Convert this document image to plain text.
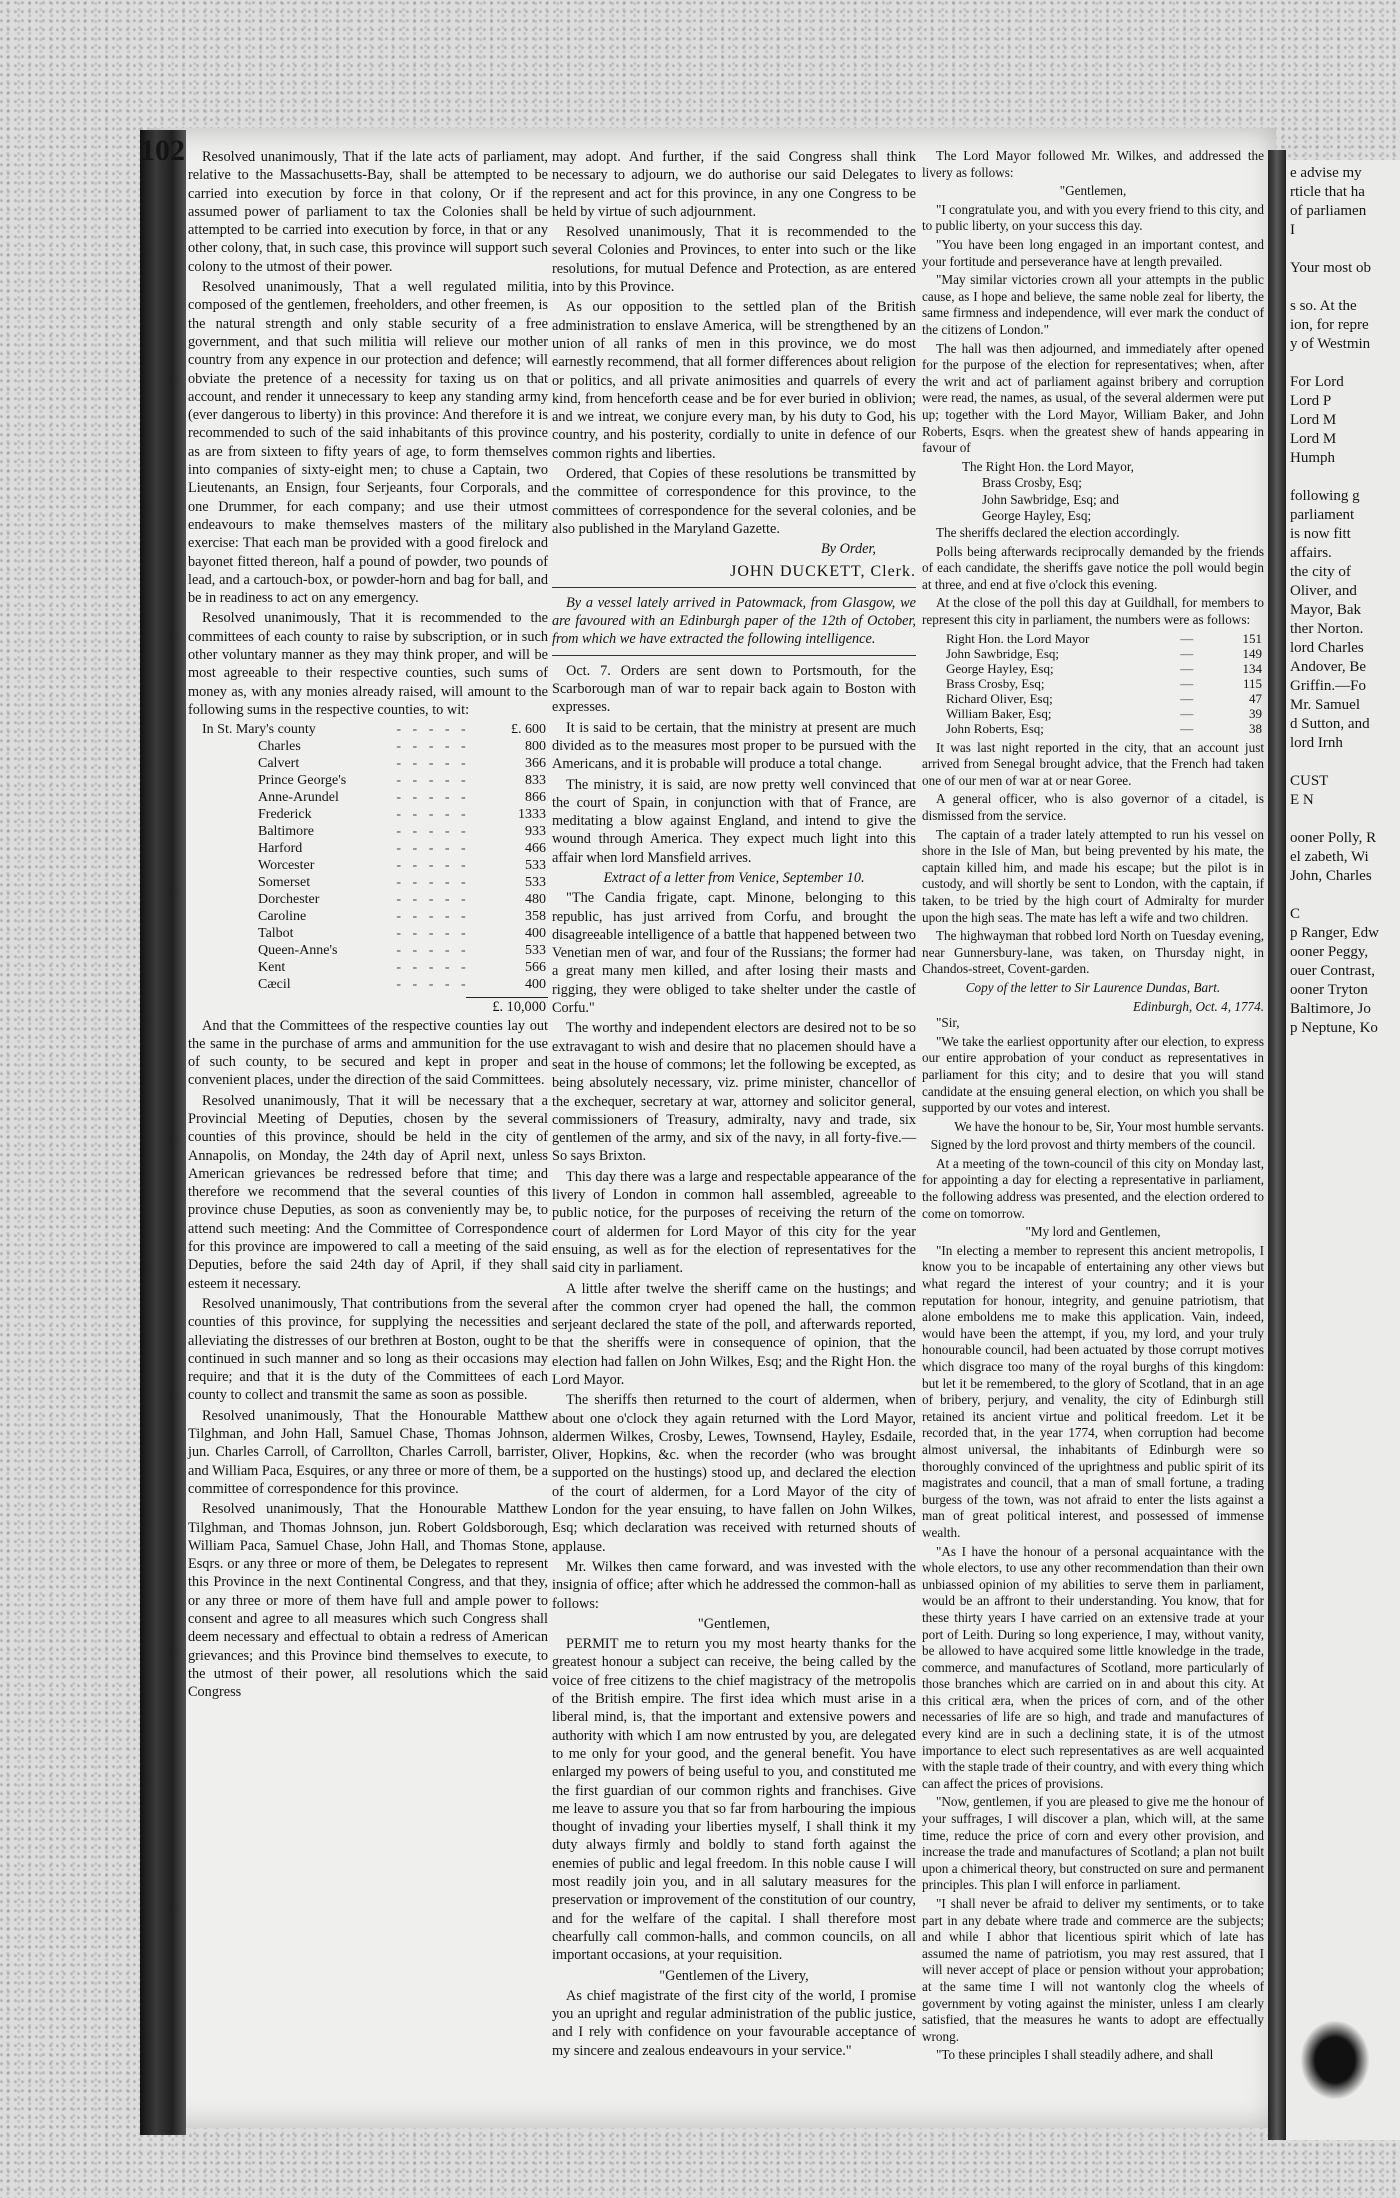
102	Resolved unanimously, That if the late acts of parliament, relative to the Massachusetts-Bay, shall be attempted to be carried into execution by force in that colony, Or if the assumed power of parliament to tax the Colonies shall be attempted to be carried into execution by force, in that or any other colony, that, in such case, this province will support such colony to the utmost of their power.

Resolved unanimously, That a well regulated militia, composed of the gentlemen, freeholders, and other freemen, is the natural strength and only stable security of a free government, and that such militia will relieve our mother country from any expence in our protection and defence; will obviate the pretence of a necessity for taxing us on that account, and render it unnecessary to keep any standing army (ever dangerous to liberty) in this province: And therefore it is recommended to such of the said inhabitants of this province as are from sixteen to fifty years of age, to form themselves into companies of sixty-eight men; to chuse a Captain, two Lieutenants, an Ensign, four Serjeants, four Corporals, and one Drummer, for each company; and use their utmost endeavours to make themselves masters of the military exercise: That each man be provided with a good firelock and bayonet fitted thereon, half a pound of powder, two pounds of lead, and a cartouch-box, or powder-horn and bag for ball, and be in readiness to act on any emergency.

Resolved unanimously, That it is recommended to the committees of each county to raise by subscription, or in such other voluntary manner as they may think proper, and will be most agreeable to their respective counties, such sums of money as, with any monies already raised, will amount to the following sums in the respective counties, to wit:

In St. Mary's county	- - - - -	£. 600
Charles	- - - - -	800
Calvert	- - - - -	366
Prince George's	- - - - -	833
Anne-Arundel	- - - - -	866
Frederick	- - - - -	1333
Baltimore	- - - - -	933
Harford	- - - - -	466
Worcester	- - - - -	533
Somerset	- - - - -	533
Dorchester	- - - - -	480
Caroline	- - - - -	358
Talbot	- - - - -	400
Queen-Anne's	- - - - -	533
Kent	- - - - -	566
Cæcil	- - - - -	400
£. 10,000

And that the Committees of the respective counties lay out the same in the purchase of arms and ammunition for the use of such county, to be secured and kept in proper and convenient places, under the direction of the said Committees.

Resolved unanimously, That it will be necessary that a Provincial Meeting of Deputies, chosen by the several counties of this province, should be held in the city of Annapolis, on Monday, the 24th day of April next, unless American grievances be redressed before that time; and therefore we recommend that the several counties of this province chuse Deputies, as soon as conveniently may be, to attend such meeting: And the Committee of Correspondence for this province are impowered to call a meeting of the said Deputies, before the said 24th day of April, if they shall esteem it necessary.

Resolved unanimously, That contributions from the several counties of this province, for supplying the necessities and alleviating the distresses of our brethren at Boston, ought to be continued in such manner and so long as their occasions may require; and that it is the duty of the Committees of each county to collect and transmit the same as soon as possible.

Resolved unanimously, That the Honourable Matthew Tilghman, and John Hall, Samuel Chase, Thomas Johnson, jun. Charles Carroll, of Carrollton, Charles Carroll, barrister, and William Paca, Esquires, or any three or more of them, be a committee of correspondence for this province.

Resolved unanimously, That the Honourable Matthew Tilghman, and Thomas Johnson, jun. Robert Goldsborough, William Paca, Samuel Chase, John Hall, and Thomas Stone, Esqrs. or any three or more of them, be Delegates to represent this Province in the next Continental Congress, and that they, or any three or more of them have full and ample power to consent and agree to all measures which such Congress shall deem necessary and effectual to obtain a redress of American grievances; and this Province bind themselves to execute, to the utmost of their power, all resolutions which the said Congress

may adopt. And further, if the said Congress shall think necessary to adjourn, we do authorise our said Delegates to represent and act for this province, in any one Congress to be held by virtue of such adjournment.

Resolved unanimously, That it is recommended to the several Colonies and Provinces, to enter into such or the like resolutions, for mutual Defence and Protection, as are entered into by this Province.

As our opposition to the settled plan of the British administration to enslave America, will be strengthened by an union of all ranks of men in this province, we do most earnestly recommend, that all former differences about religion or politics, and all private animosities and quarrels of every kind, from henceforth cease and be for ever buried in oblivion; and we intreat, we conjure every man, by his duty to God, his country, and his posterity, cordially to unite in defence of our common rights and liberties.

Ordered, that Copies of these resolutions be transmitted by the committee of correspondence for this province, to the committees of correspondence for the several colonies, and be also published in the Maryland Gazette.

By Order,
JOHN DUCKETT, Clerk.

By a vessel lately arrived in Patowmack, from Glasgow, we are favoured with an Edinburgh paper of the 12th of October, from which we have extracted the following intelligence.

Oct. 7. Orders are sent down to Portsmouth, for the Scarborough man of war to repair back again to Boston with expresses.

It is said to be certain, that the ministry at present are much divided as to the measures most proper to be pursued with the Americans, and it is probable will produce a total change.

The ministry, it is said, are now pretty well convinced that the court of Spain, in conjunction with that of France, are meditating a blow against England, and intend to give the wound through America. They expect much light into this affair when lord Mansfield arrives.

Extract of a letter from Venice, September 10.

"The Candia frigate, capt. Minone, belonging to this republic, has just arrived from Corfu, and brought the disagreeable intelligence of a battle that happened between two Venetian men of war, and four of the Russians; the former had a great many men killed, and after losing their masts and rigging, they were obliged to take shelter under the castle of Corfu."

The worthy and independent electors are desired not to be so extravagant to wish and desire that no placemen should have a seat in the house of commons; let the following be excepted, as being absolutely necessary, viz. prime minister, chancellor of the exchequer, secretary at war, attorney and solicitor general, commissioners of Treasury, admiralty, navy and trade, six gentlemen of the army, and six of the navy, in all forty-five.—So says Brixton.

This day there was a large and respectable appearance of the livery of London in common hall assembled, agreeable to public notice, for the purposes of receiving the return of the court of aldermen for Lord Mayor of this city for the year ensuing, as well as for the election of representatives for the said city in parliament.

A little after twelve the sheriff came on the hustings; and after the common cryer had opened the hall, the common serjeant declared the state of the poll, and afterwards reported, that the sheriffs were in consequence of opinion, that the election had fallen on John Wilkes, Esq; and the Right Hon. the Lord Mayor.

The sheriffs then returned to the court of aldermen, when about one o'clock they again returned with the Lord Mayor, aldermen Wilkes, Crosby, Lewes, Townsend, Hayley, Esdaile, Oliver, Hopkins, &c. when the recorder (who was brought supported on the hustings) stood up, and declared the election of the court of aldermen, for a Lord Mayor of the city of London for the year ensuing, to have fallen on John Wilkes, Esq; which declaration was received with returned shouts of applause.

Mr. Wilkes then came forward, and was invested with the insignia of office; after which he addressed the common-hall as follows:

"Gentlemen,

PERMIT me to return you my most hearty thanks for the greatest honour a subject can receive, the being called by the voice of free citizens to the chief magistracy of the metropolis of the British empire. The first idea which must arise in a liberal mind, is, that the important and extensive powers and authority with which I am now entrusted by you, are delegated to me only for your good, and the general benefit. You have enlarged my powers of being useful to you, and constituted me the first guardian of our common rights and franchises. Give me leave to assure you that so far from harbouring the impious thought of invading your liberties myself, I shall think it my duty always firmly and boldly to stand forth against the enemies of public and legal freedom. In this noble cause I will most readily join you, and in all salutary measures for the preservation or improvement of the constitution of our country, and for the welfare of the capital. I shall therefore most chearfully call common-halls, and common councils, on all important occasions, at your requisition.

"Gentlemen of the Livery,

As chief magistrate of the first city of the world, I promise you an upright and regular administration of the public justice, and I rely with confidence on your favourable acceptance of my sincere and zealous endeavours in your service."

The Lord Mayor followed Mr. Wilkes, and addressed the livery as follows:

"Gentlemen,

"I congratulate you, and with you every friend to this city, and to public liberty, on your success this day.

"You have been long engaged in an important contest, and your fortitude and perseverance have at length prevailed.

"May similar victories crown all your attempts in the public cause, as I hope and believe, the same noble zeal for liberty, the same firmness and independence, will ever mark the conduct of the citizens of London."

The hall was then adjourned, and immediately after opened for the purpose of the election for representatives; when, after the writ and act of parliament against bribery and corruption were read, the names, as usual, of the several aldermen were put up; together with the Lord Mayor, William Baker, and John Roberts, Esqrs. when the greatest shew of hands appearing in favour of

The Right Hon. the Lord Mayor,
Brass Crosby, Esq;
John Sawbridge, Esq; and
George Hayley, Esq;

The sheriffs declared the election accordingly.

Polls being afterwards reciprocally demanded by the friends of each candidate, the sheriffs gave notice the poll would begin at three, and end at five o'clock this evening.

At the close of the poll this day at Guildhall, for members to represent this city in parliament, the numbers were as follows:

Right Hon. the Lord Mayor	—	151
John Sawbridge, Esq;	—	149
George Hayley, Esq;	—	134
Brass Crosby, Esq;	—	115
Richard Oliver, Esq;	—	47
William Baker, Esq;	—	39
John Roberts, Esq;	—	38

It was last night reported in the city, that an account just arrived from Senegal brought advice, that the French had taken one of our men of war at or near Goree.

A general officer, who is also governor of a citadel, is dismissed from the service.

The captain of a trader lately attempted to run his vessel on shore in the Isle of Man, but being prevented by his mate, the captain killed him, and made his escape; but the pilot is in custody, and will shortly be sent to London, with the captain, if taken, to be tried by the high court of Admiralty for murder upon the high seas. The mate has left a wife and two children.

The highwayman that robbed lord North on Tuesday evening, near Gunnersbury-lane, was taken, on Thursday night, in Chandos-street, Covent-garden.

Copy of the letter to Sir Laurence Dundas, Bart.

Edinburgh, Oct. 4, 1774.

"Sir,

"We take the earliest opportunity after our election, to express our entire approbation of your conduct as representatives in parliament for this city; and to desire that you will stand candidate at the ensuing general election, on which you shall be supported by our votes and interest.

We have the honour to be, Sir, Your most humble servants.

Signed by the lord provost and thirty members of the council.

At a meeting of the town-council of this city on Monday last, for appointing a day for electing a representative in parliament, the following address was presented, and the election ordered to come on tomorrow.

"My lord and Gentlemen,

"In electing a member to represent this ancient metropolis, I know you to be incapable of entertaining any other views but what regard the interest of your country; and it is your reputation for honour, integrity, and genuine patriotism, that alone emboldens me to make this application. Vain, indeed, would have been the attempt, if you, my lord, and your truly honourable council, had been actuated by those corrupt motives which disgrace too many of the royal burghs of this kingdom: but let it be remembered, to the glory of Scotland, that in an age of bribery, perjury, and venality, the city of Edinburgh still retained its ancient virtue and political freedom. Let it be recorded that, in the year 1774, when corruption had become almost universal, the inhabitants of Edinburgh were so thoroughly convinced of the uprightness and public spirit of its magistrates and council, that a man of small fortune, a trading burgess of the town, was not afraid to enter the lists against a man of great political interest, and possessed of immense wealth.

"As I have the honour of a personal acquaintance with the whole electors, to use any other recommendation than their own unbiassed opinion of my abilities to serve them in parliament, would be an affront to their understanding. You know, that for these thirty years I have carried on an extensive trade at your port of Leith. During so long experience, I may, without vanity, be allowed to have acquired some little knowledge in the trade, commerce, and manufactures of Scotland, more particularly of those branches which are carried on in and about this city. At this critical æra, when the prices of corn, and of the other necessaries of life are so high, and trade and manufactures of every kind are in such a declining state, it is of the utmost importance to elect such representatives as are well acquainted with the staple trade of their country, and with every thing which can affect the prices of provisions.

"Now, gentlemen, if you are pleased to give me the honour of your suffrages, I will discover a plan, which will, at the same time, reduce the price of corn and every other provision, and increase the trade and manufactures of Scotland; a plan not built upon a chimerical theory, but constructed on sure and permanent principles. This plan I will enforce in parliament.

"I shall never be afraid to deliver my sentiments, or to take part in any debate where trade and commerce are the subjects; and while I abhor that licentious spirit which of late has assumed the name of patriotism, you may rest assured, that I will never accept of place or pension without your approbation; at the same time I will not wantonly clog the wheels of government by voting against the minister, unless I am clearly satisfied, that the measures he wants to adopt are effectually wrong.

"To these principles I shall steadily adhere, and shall

e advise my
rticle that ha
of parliamen
I

Your most ob

s so. At the
ion, for repre
y of Westmin

For Lord
Lord P
Lord M
Lord M
Humph

following g
parliament
is now fitt
affairs.
the city of
Oliver, and
Mayor, Bak
ther Norton.
lord Charles
Andover, Be
Griffin.—Fo
Mr. Samuel
d Sutton, and
lord Irnh

CUST
E N

ooner Polly, R
el zabeth, Wi
John, Charles

C
p Ranger, Edw
ooner Peggy,
ouer Contrast,
ooner Tryton
Baltimore, Jo
p Neptune, Ko
